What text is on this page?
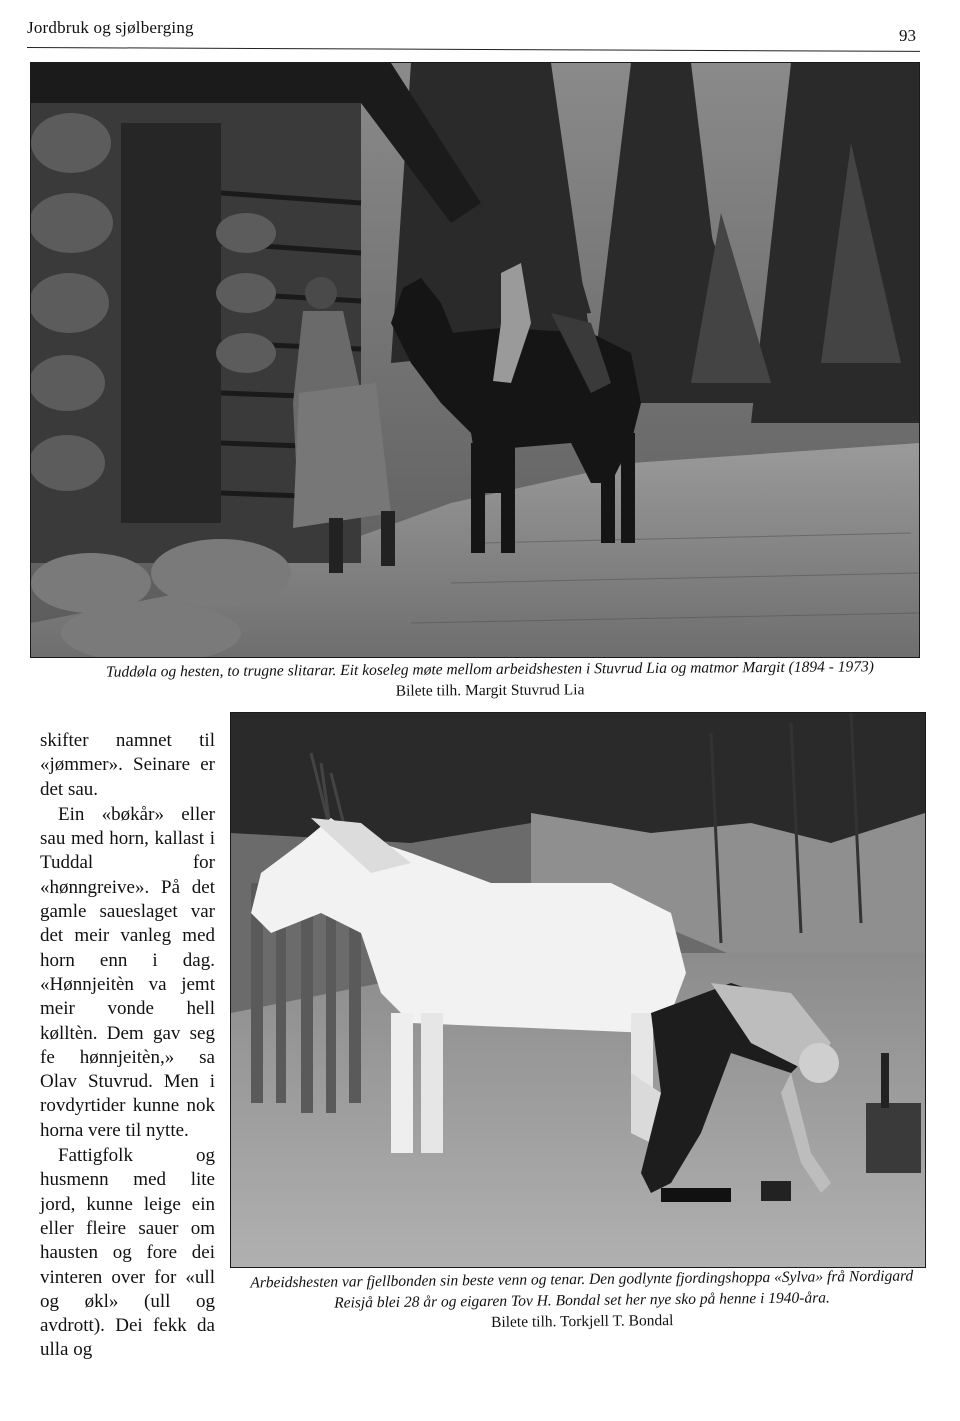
Jordbruk og sjølberging	93
Tuddøla og hesten, to trugne slitarar. Eit koseleg møte mellom arbeidshesten i Stuvrud Lia og matmor Margit (1894 - 1973)
Bilete tilh. Margit Stuvrud Lia

skifter namnet til «jømmer». Seinare er det sau.

Ein «bøkår» eller sau med horn, kallast i Tuddal for «hønngreive». På det gamle saueslaget var det meir vanleg med horn enn i dag. «Hønnjeitèn va jemt meir vonde hell kølltèn. Dem gav seg fe hønnjeitèn,» sa Olav Stuvrud. Men i rovdyrtider kunne nok horna vere til nytte.

Fattigfolk og husmenn med lite jord, kunne leige ein eller fleire sauer om hausten og fore dei vinteren over for «ull og økl» (ull og avdrott). Dei fekk da ulla og

Arbeidshesten var fjellbonden sin beste venn og tenar. Den godlynte fjordingshoppa «Sylva» frå Nordigard
Reisjå blei 28 år og eigaren Tov H. Bondal set her nye sko på henne i 1940-åra.
Bilete tilh. Torkjell T. Bondal
